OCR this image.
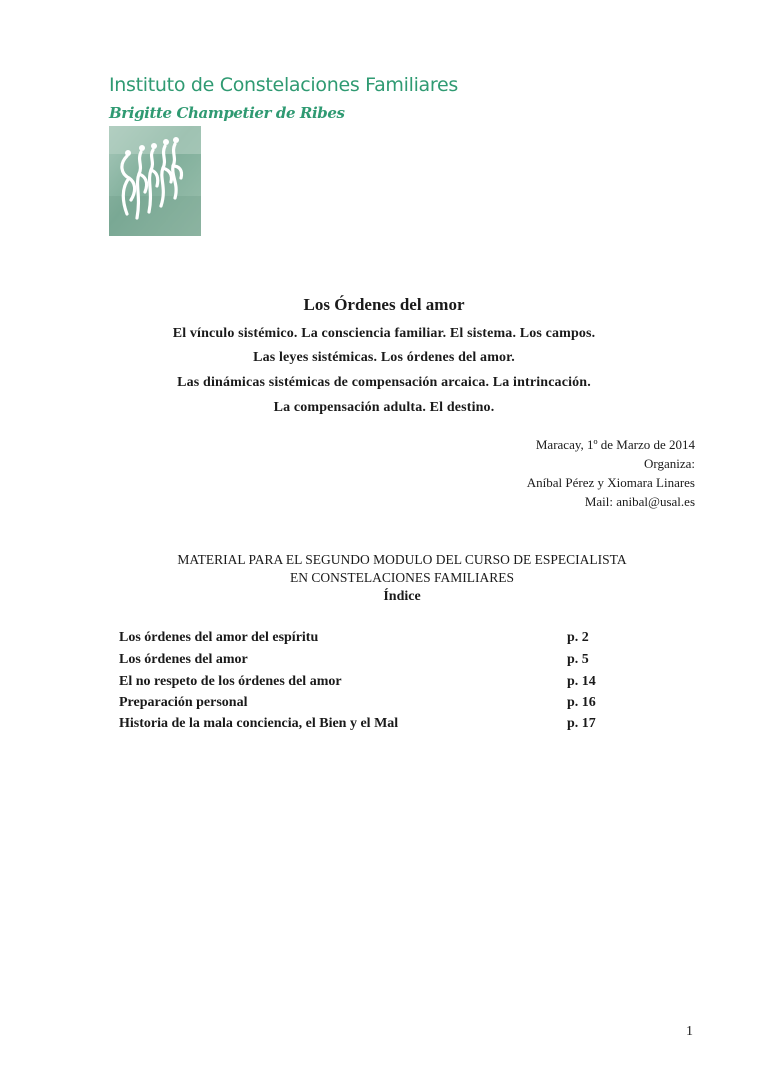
Instituto de Constelaciones Familiares
Brigitte Champetier de Ribes
Los Órdenes del amor
El vínculo sistémico. La consciencia familiar. El sistema. Los campos.
Las leyes sistémicas. Los órdenes del amor.
Las dinámicas sistémicas de compensación arcaica. La intrincación.
La compensación adulta. El destino.
Maracay, 1º de Marzo de 2014
Organiza:
Aníbal Pérez y Xiomara Linares
Mail: anibal@usal.es
MATERIAL PARA EL SEGUNDO MODULO DEL CURSO DE ESPECIALISTA
EN CONSTELACIONES FAMILIARES
Índice
Los órdenes del amor del espíritu	p. 2
Los órdenes del amor	p. 5
El no respeto de los órdenes del amor	p. 14
Preparación personal	p. 16
Historia de la mala conciencia, el Bien y el Mal	p. 17
1
